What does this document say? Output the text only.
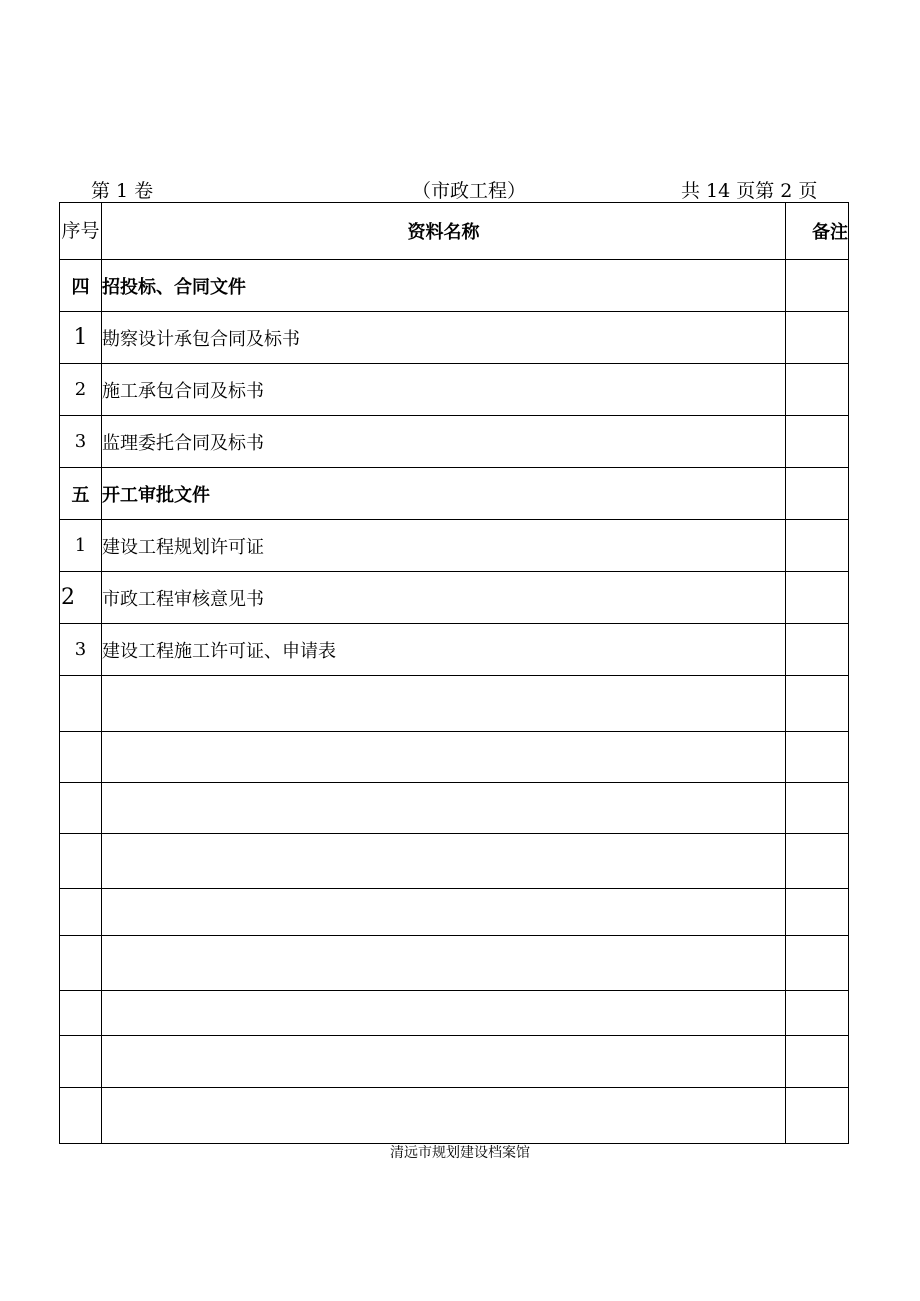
第 1 卷	（市政工程）	共 14 页第 2 页
序号	资料名称	备注
四	招投标、合同文件	
1	勘察设计承包合同及标书	
2	施工承包合同及标书	
3	监理委托合同及标书	
五	开工审批文件	
1	建设工程规划许可证	
2	市政工程审核意见书	
3	建设工程施工许可证、申请表	

清远市规划建设档案馆
